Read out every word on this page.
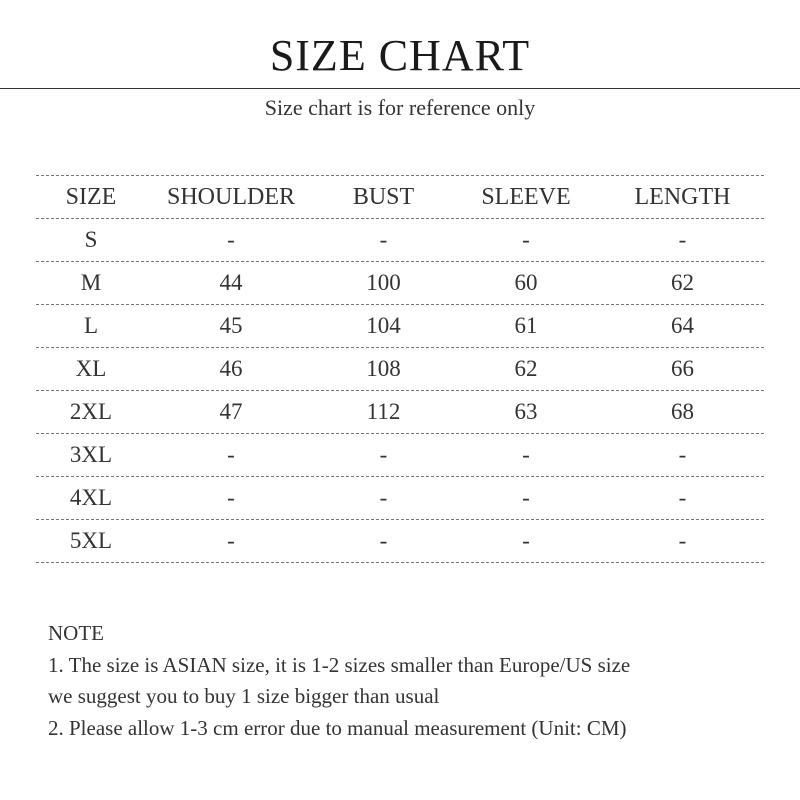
SIZE CHART
Size chart is for reference only
SIZE	SHOULDER	BUST	SLEEVE	LENGTH
S	-	-	-	-
M	44	100	60	62
L	45	104	61	64
XL	46	108	62	66
2XL	47	112	63	68
3XL	-	-	-	-
4XL	-	-	-	-
5XL	-	-	-	-
NOTE
1. The size is ASIAN size, it is 1-2 sizes smaller than Europe/US size
we suggest you to buy 1 size bigger than usual
2. Please allow 1-3 cm error due to manual measurement (Unit: CM)
